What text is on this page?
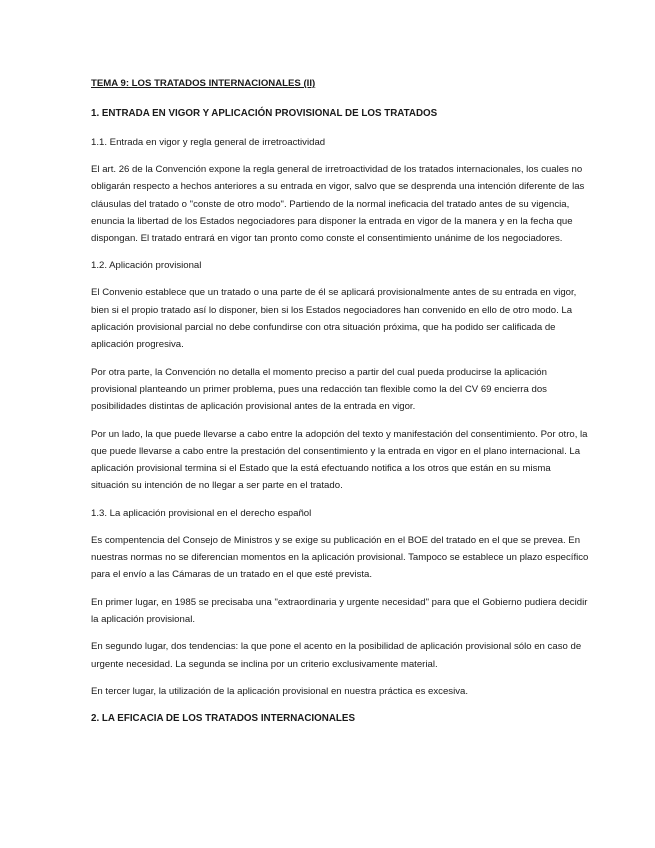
TEMA 9: LOS TRATADOS INTERNACIONALES (II)
1. ENTRADA EN VIGOR Y APLICACIÓN PROVISIONAL DE LOS TRATADOS
1.1. Entrada en vigor y regla general de irretroactividad

El art. 26 de la Convención expone la regla general de irretroactividad de los tratados internacionales, los cuales no obligarán respecto a hechos anteriores a su entrada en vigor, salvo que se desprenda una intención diferente de las cláusulas del tratado o "conste de otro modo". Partiendo de la normal ineficacia del tratado antes de su vigencia, enuncia la libertad de los Estados negociadores para disponer la entrada en vigor de la manera y en la fecha que dispongan. El tratado entrará en vigor tan pronto como conste el consentimiento unánime de los negociadores.

1.2. Aplicación provisional

El Convenio establece que un tratado o una parte de él se aplicará provisionalmente antes de su entrada en vigor, bien si el propio tratado así lo disponer, bien si los Estados negociadores han convenido en ello de otro modo. La aplicación provisional parcial no debe confundirse con otra situación próxima, que ha podido ser calificada de aplicación progresiva.

Por otra parte, la Convención no detalla el momento preciso a partir del cual pueda producirse la aplicación provisional planteando un primer problema, pues una redacción tan flexible como la del CV 69 encierra dos posibilidades distintas de aplicación provisional antes de la entrada en vigor.

Por un lado, la que puede llevarse a cabo entre la adopción del texto y manifestación del consentimiento. Por otro, la que puede llevarse a cabo entre la prestación del consentimiento y la entrada en vigor en el plano internacional. La aplicación provisional termina si el Estado que la está efectuando notifica a los otros que están en su misma situación su intención de no llegar a ser parte en el tratado.

1.3. La aplicación provisional en el derecho español

Es compentencia del Consejo de Ministros y se exige su publicación en el BOE del tratado en el que se prevea. En nuestras normas no se diferencian momentos en la aplicación provisional. Tampoco se establece un plazo específico para el envío a las Cámaras de un tratado en el que esté prevista.

En primer lugar, en 1985 se precisaba una "extraordinaria y urgente necesidad" para que el Gobierno pudiera decidir la aplicación provisional.

En segundo lugar, dos tendencias: la que pone el acento en la posibilidad de aplicación provisional sólo en caso de urgente necesidad. La segunda se inclina por un criterio exclusivamente material.

En tercer lugar, la utilización de la aplicación provisional en nuestra práctica es excesiva.

2. LA EFICACIA DE LOS TRATADOS INTERNACIONALES
